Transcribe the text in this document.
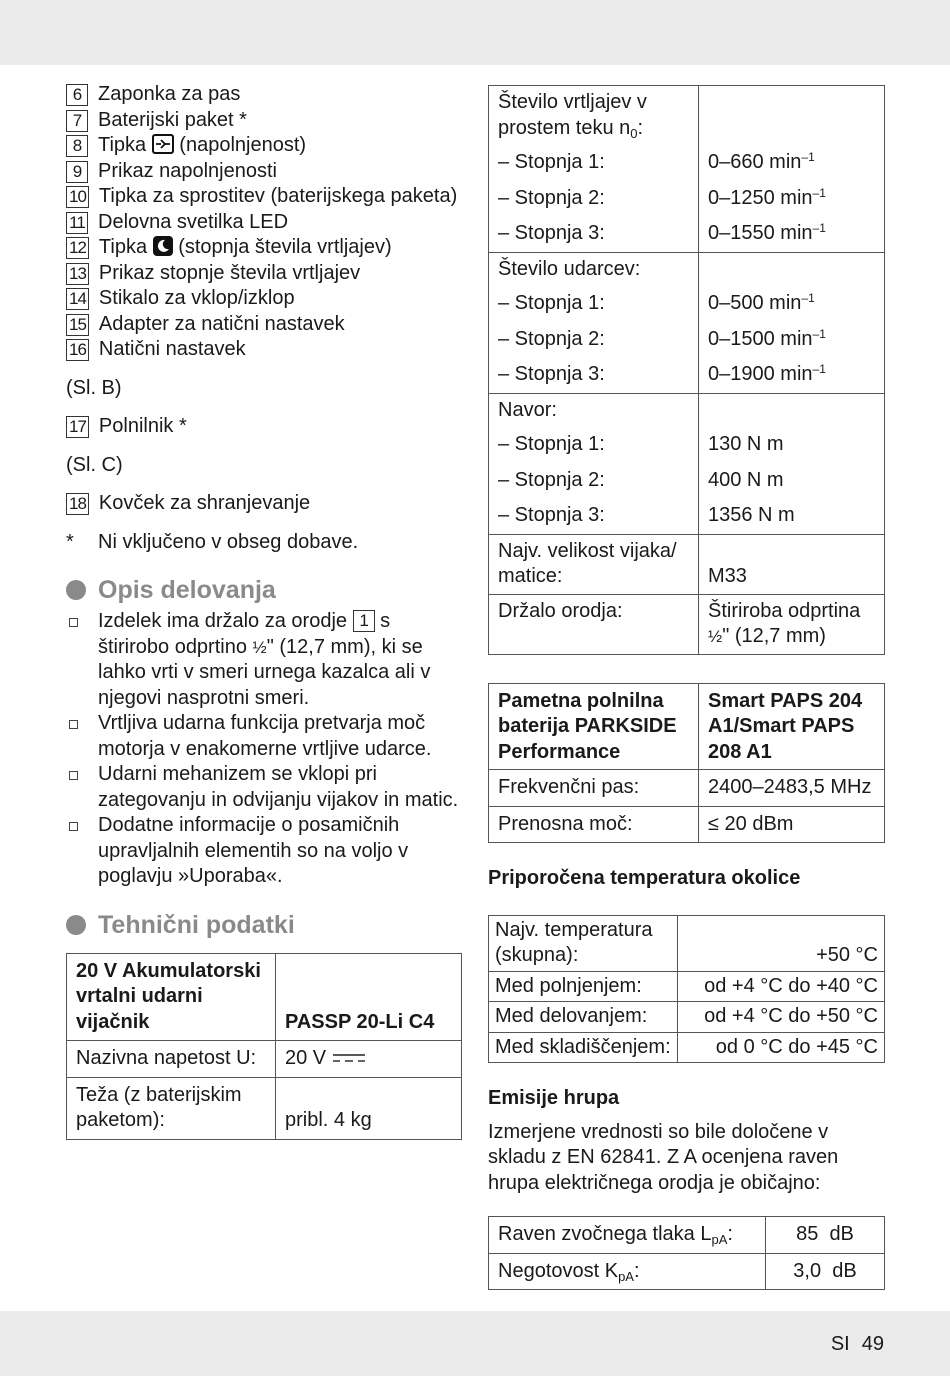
6 Zaponka za pas
7 Baterijski paket *
8 Tipka (napolnjenost)
9 Prikaz napolnjenosti
10 Tipka za sprostitev (baterijskega paketa)
11 Delovna svetilka LED
12 Tipka (stopnja števila vrtljajev)
13 Prikaz stopnje števila vrtljajev
14 Stikalo za vklop/izklop
15 Adapter za natični nastavek
16 Natični nastavek
(Sl. B)
17 Polnilnik *
(Sl. C)
18 Kovček za shranjevanje
*	Ni vključeno v obseg dobave.
Opis delovanja
Izdelek ima držalo za orodje 1 s štirirobo odprtino ½" (12,7 mm), ki se lahko vrti v smeri urnega kazalca ali v njegovi nasprotni smeri.
Vrtljiva udarna funkcija pretvarja moč motorja v enakomerne vrtljive udarce.
Udarni mehanizem se vklopi pri zategovanju in odvijanju vijakov in matic.
Dodatne informacije o posamičnih upravljalnih elementih so na voljo v poglavju »Uporaba«.
Tehnični podatki
20 V Akumulatorski vrtalni udarni vijačnik	PASSP 20-Li C4
Nazivna napetost U:	20 V
Teža (z baterijskim paketom):	pribl. 4 kg
Število vrtljajev v prostem teku $n_0$:	
– Stopnja 1:	0–660 $\min^{-1}$
– Stopnja 2:	0–1250 $\min^{-1}$
– Stopnja 3:	0–1550 $\min^{-1}$
Število udarcev:	
– Stopnja 1:	0–500 $\min^{-1}$
– Stopnja 2:	0–1500 $\min^{-1}$
– Stopnja 3:	0–1900 $\min^{-1}$
Navor:	
– Stopnja 1:	130 N m
– Stopnja 2:	400 N m
– Stopnja 3:	1356 N m
Najv. velikost vijaka/ matice:	M33
Držalo orodja:	Štiriroba odprtina ½" (12,7 mm)
Pametna polnilna baterija PARKSIDE Performance	Smart PAPS 204 A1/Smart PAPS 208 A1
Frekvenčni pas:	2400–2483,5 MHz
Prenosna moč:	≤ 20 dBm

Priporočena temperatura okolice

Najv. temperatura (skupna):	+50 °C
Med polnjenjem:	od +4 °C do +40 °C
Med delovanjem:	od +4 °C do +50 °C
Med skladiščenjem:	od 0 °C do +45 °C

Emisije hrupa

Izmerjene vrednosti so bile določene v skladu z EN 62841. Z A ocenjena raven hrupa električnega orodja je običajno:

Raven zvočnega tlaka $L_{pA}$:	85  dB
Negotovost $K_{pA}$:	3,0  dB
SI 49
